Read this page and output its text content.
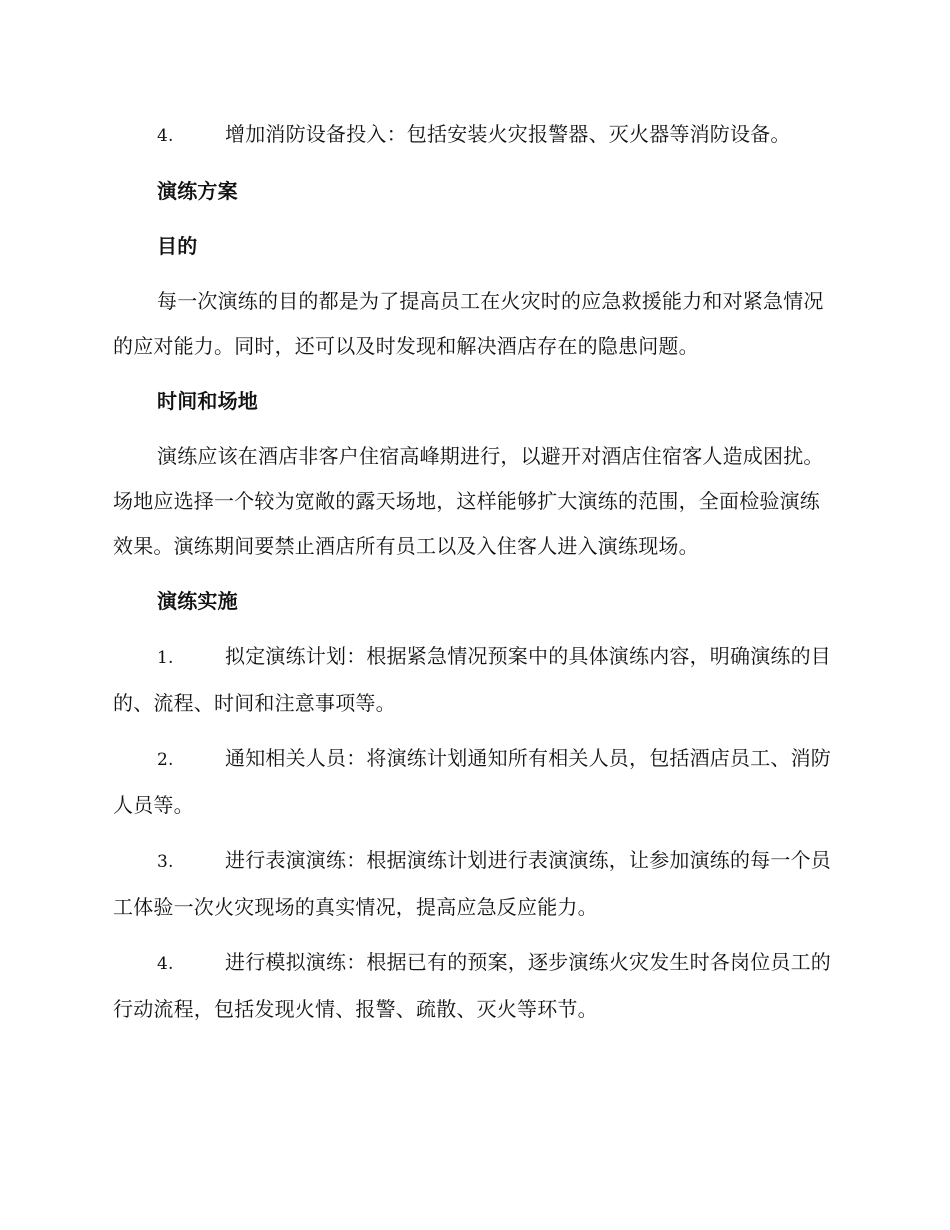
4.	增加消防设备投入：包括安装火灾报警器、灭火器等消防设备。

演练方案

目的

每一次演练的目的都是为了提高员工在火灾时的应急救援能力和对紧急情况的应对能力。同时，还可以及时发现和解决酒店存在的隐患问题。

时间和场地

演练应该在酒店非客户住宿高峰期进行，以避开对酒店住宿客人造成困扰。场地应选择一个较为宽敞的露天场地，这样能够扩大演练的范围，全面检验演练效果。演练期间要禁止酒店所有员工以及入住客人进入演练现场。

演练实施

1.	拟定演练计划：根据紧急情况预案中的具体演练内容，明确演练的目的、流程、时间和注意事项等。

2.	通知相关人员：将演练计划通知所有相关人员，包括酒店员工、消防人员等。

3.	进行表演演练：根据演练计划进行表演演练，让参加演练的每一个员工体验一次火灾现场的真实情况，提高应急反应能力。

4.	进行模拟演练：根据已有的预案，逐步演练火灾发生时各岗位员工的行动流程，包括发现火情、报警、疏散、灭火等环节。
